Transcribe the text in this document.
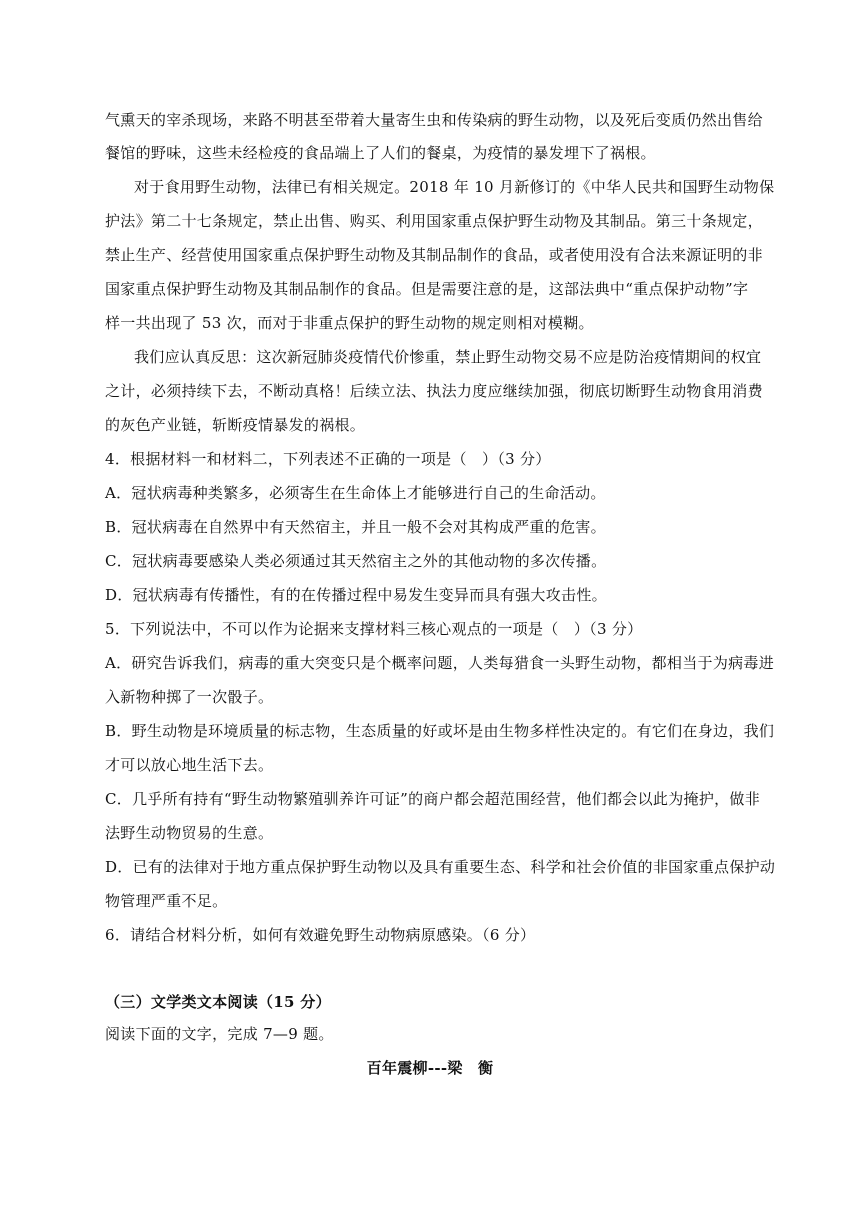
气熏天的宰杀现场，来路不明甚至带着大量寄生虫和传染病的野生动物，以及死后变质仍然出售给
餐馆的野味，这些未经检疫的食品端上了人们的餐桌，为疫情的暴发埋下了祸根。
对于食用野生动物，法律已有相关规定。2018 年 10 月新修订的《中华人民共和国野生动物保
护法》第二十七条规定，禁止出售、购买、利用国家重点保护野生动物及其制品。第三十条规定，
禁止生产、经营使用国家重点保护野生动物及其制品制作的食品，或者使用没有合法来源证明的非
国家重点保护野生动物及其制品制作的食品。但是需要注意的是，这部法典中“重点保护动物”字
样一共出现了 53 次，而对于非重点保护的野生动物的规定则相对模糊。
我们应认真反思：这次新冠肺炎疫情代价惨重，禁止野生动物交易不应是防治疫情期间的权宜
之计，必须持续下去，不断动真格！后续立法、执法力度应继续加强，彻底切断野生动物食用消费
的灰色产业链，斩断疫情暴发的祸根。
4．根据材料一和材料二，下列表述不正确的一项是（　）（3 分）
A．冠状病毒种类繁多，必须寄生在生命体上才能够进行自己的生命活动。
B．冠状病毒在自然界中有天然宿主，并且一般不会对其构成严重的危害。
C．冠状病毒要感染人类必须通过其天然宿主之外的其他动物的多次传播。
D．冠状病毒有传播性，有的在传播过程中易发生变异而具有强大攻击性。
5．下列说法中，不可以作为论据来支撑材料三核心观点的一项是（　）（3 分）
A．研究告诉我们，病毒的重大突变只是个概率问题，人类每猎食一头野生动物，都相当于为病毒进
入新物种掷了一次骰子。
B．野生动物是环境质量的标志物，生态质量的好或坏是由生物多样性决定的。有它们在身边，我们
才可以放心地生活下去。
C．几乎所有持有“野生动物繁殖驯养许可证”的商户都会超范围经营，他们都会以此为掩护，做非
法野生动物贸易的生意。
D．已有的法律对于地方重点保护野生动物以及具有重要生态、科学和社会价值的非国家重点保护动
物管理严重不足。
6．请结合材料分析，如何有效避免野生动物病原感染。（6 分）
（三）文学类文本阅读（15 分）
阅读下面的文字，完成 7—9 题。
百年震柳---梁　衡
